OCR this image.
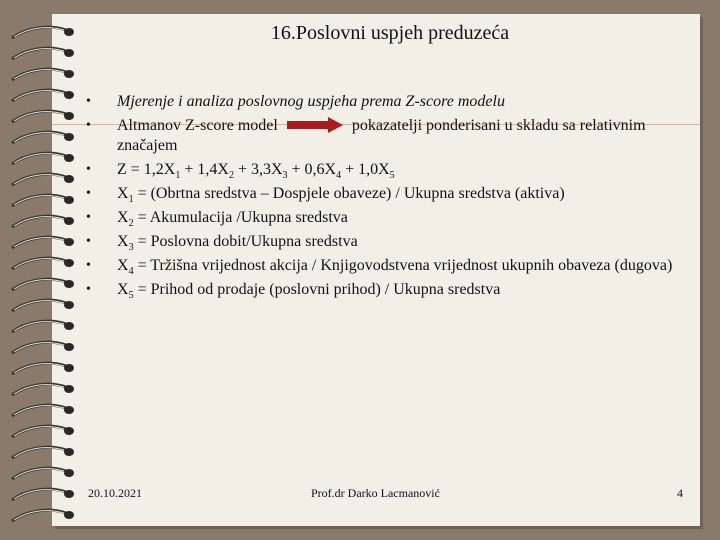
16.Poslovni uspjeh preduzeća
• Mjerenje i analiza poslovnog uspjeha prema Z-score modelu
• Altmanov Z-score model	pokazatelji ponderisani u skladu sa relativnim značajem
• $Z = 1,2X_1 + 1,4X_2 + 3,3X_3 + 0,6X_4 + 1,0X_5$
• $X_1$ = (Obrtna sredstva – Dospjele obaveze) / Ukupna sredstva (aktiva)
• $X_2$ = Akumulacija /Ukupna sredstva
• $X_3$ = Poslovna dobit/Ukupna sredstva
• $X_4$ = Tržišna vrijednost akcija / Knjigovodstvena vrijednost ukupnih obaveza (dugova)
• $X_5$ = Prihod od prodaje (poslovni prihod) / Ukupna sredstva
20.10.2021	Prof.dr Darko Lacmanović	4
